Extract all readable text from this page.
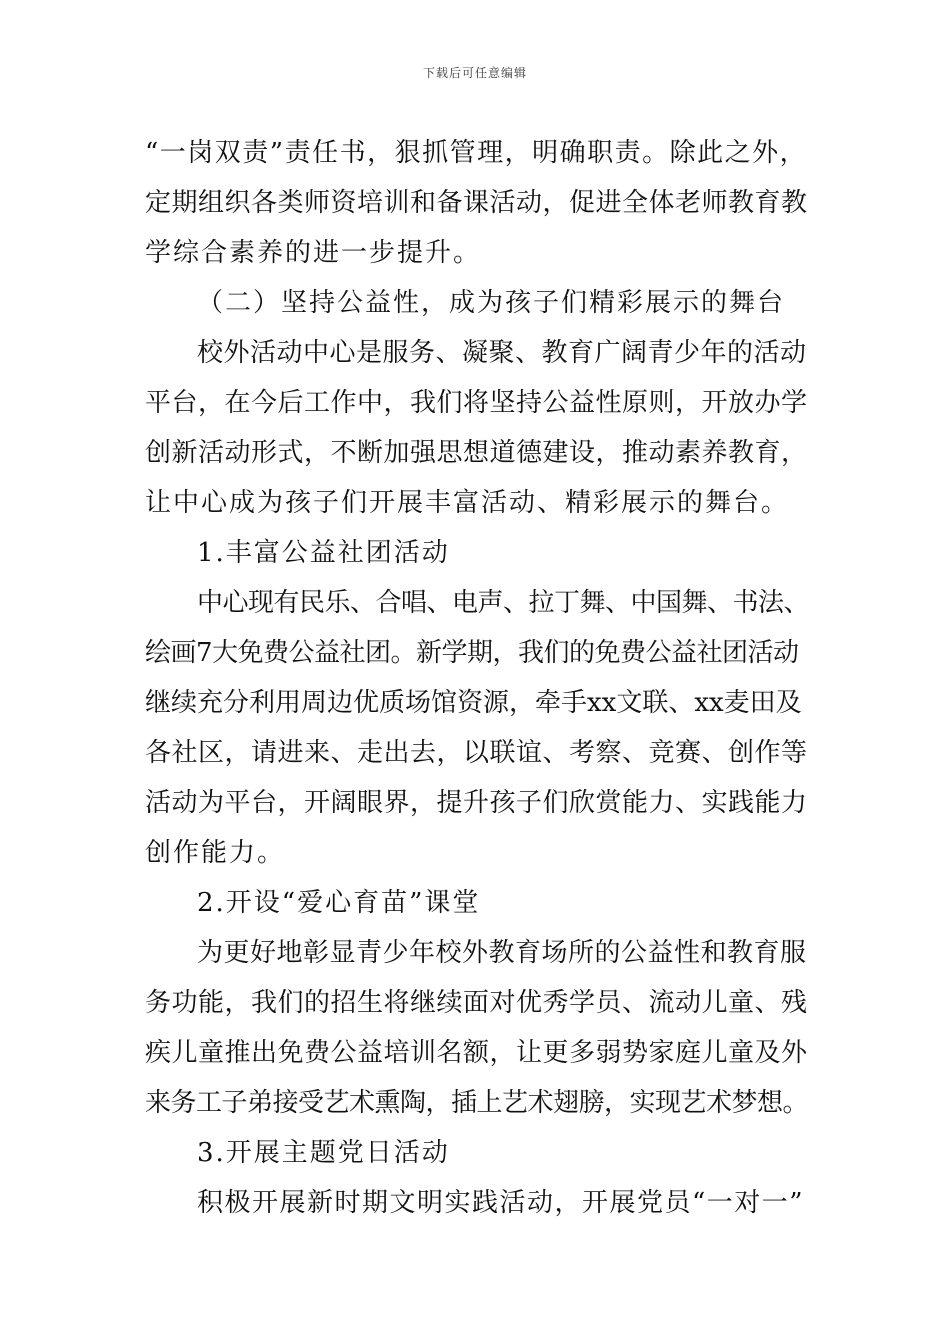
下载后可任意编辑
“一岗双责”责任书，狠抓管理，明确职责。除此之外，
定期组织各类师资培训和备课活动，促进全体老师教育教
学综合素养的进一步提升。
（二）坚持公益性，成为孩子们精彩展示的舞台
校外活动中心是服务、凝聚、教育广阔青少年的活动
平台，在今后工作中，我们将坚持公益性原则，开放办学
创新活动形式，不断加强思想道德建设，推动素养教育，
让中心成为孩子们开展丰富活动、精彩展示的舞台。
1.丰富公益社团活动
中心现有民乐、合唱、电声、拉丁舞、中国舞、书法、
绘画7大免费公益社团。新学期，我们的免费公益社团活动
继续充分利用周边优质场馆资源，牵手xx文联、xx麦田及
各社区，请进来、走出去，以联谊、考察、竞赛、创作等
活动为平台，开阔眼界，提升孩子们欣赏能力、实践能力
创作能力。
2.开设“爱心育苗”课堂
为更好地彰显青少年校外教育场所的公益性和教育服
务功能，我们的招生将继续面对优秀学员、流动儿童、残
疾儿童推出免费公益培训名额，让更多弱势家庭儿童及外
来务工子弟接受艺术熏陶，插上艺术翅膀，实现艺术梦想。
3.开展主题党日活动
积极开展新时期文明实践活动，开展党员“一对一”
